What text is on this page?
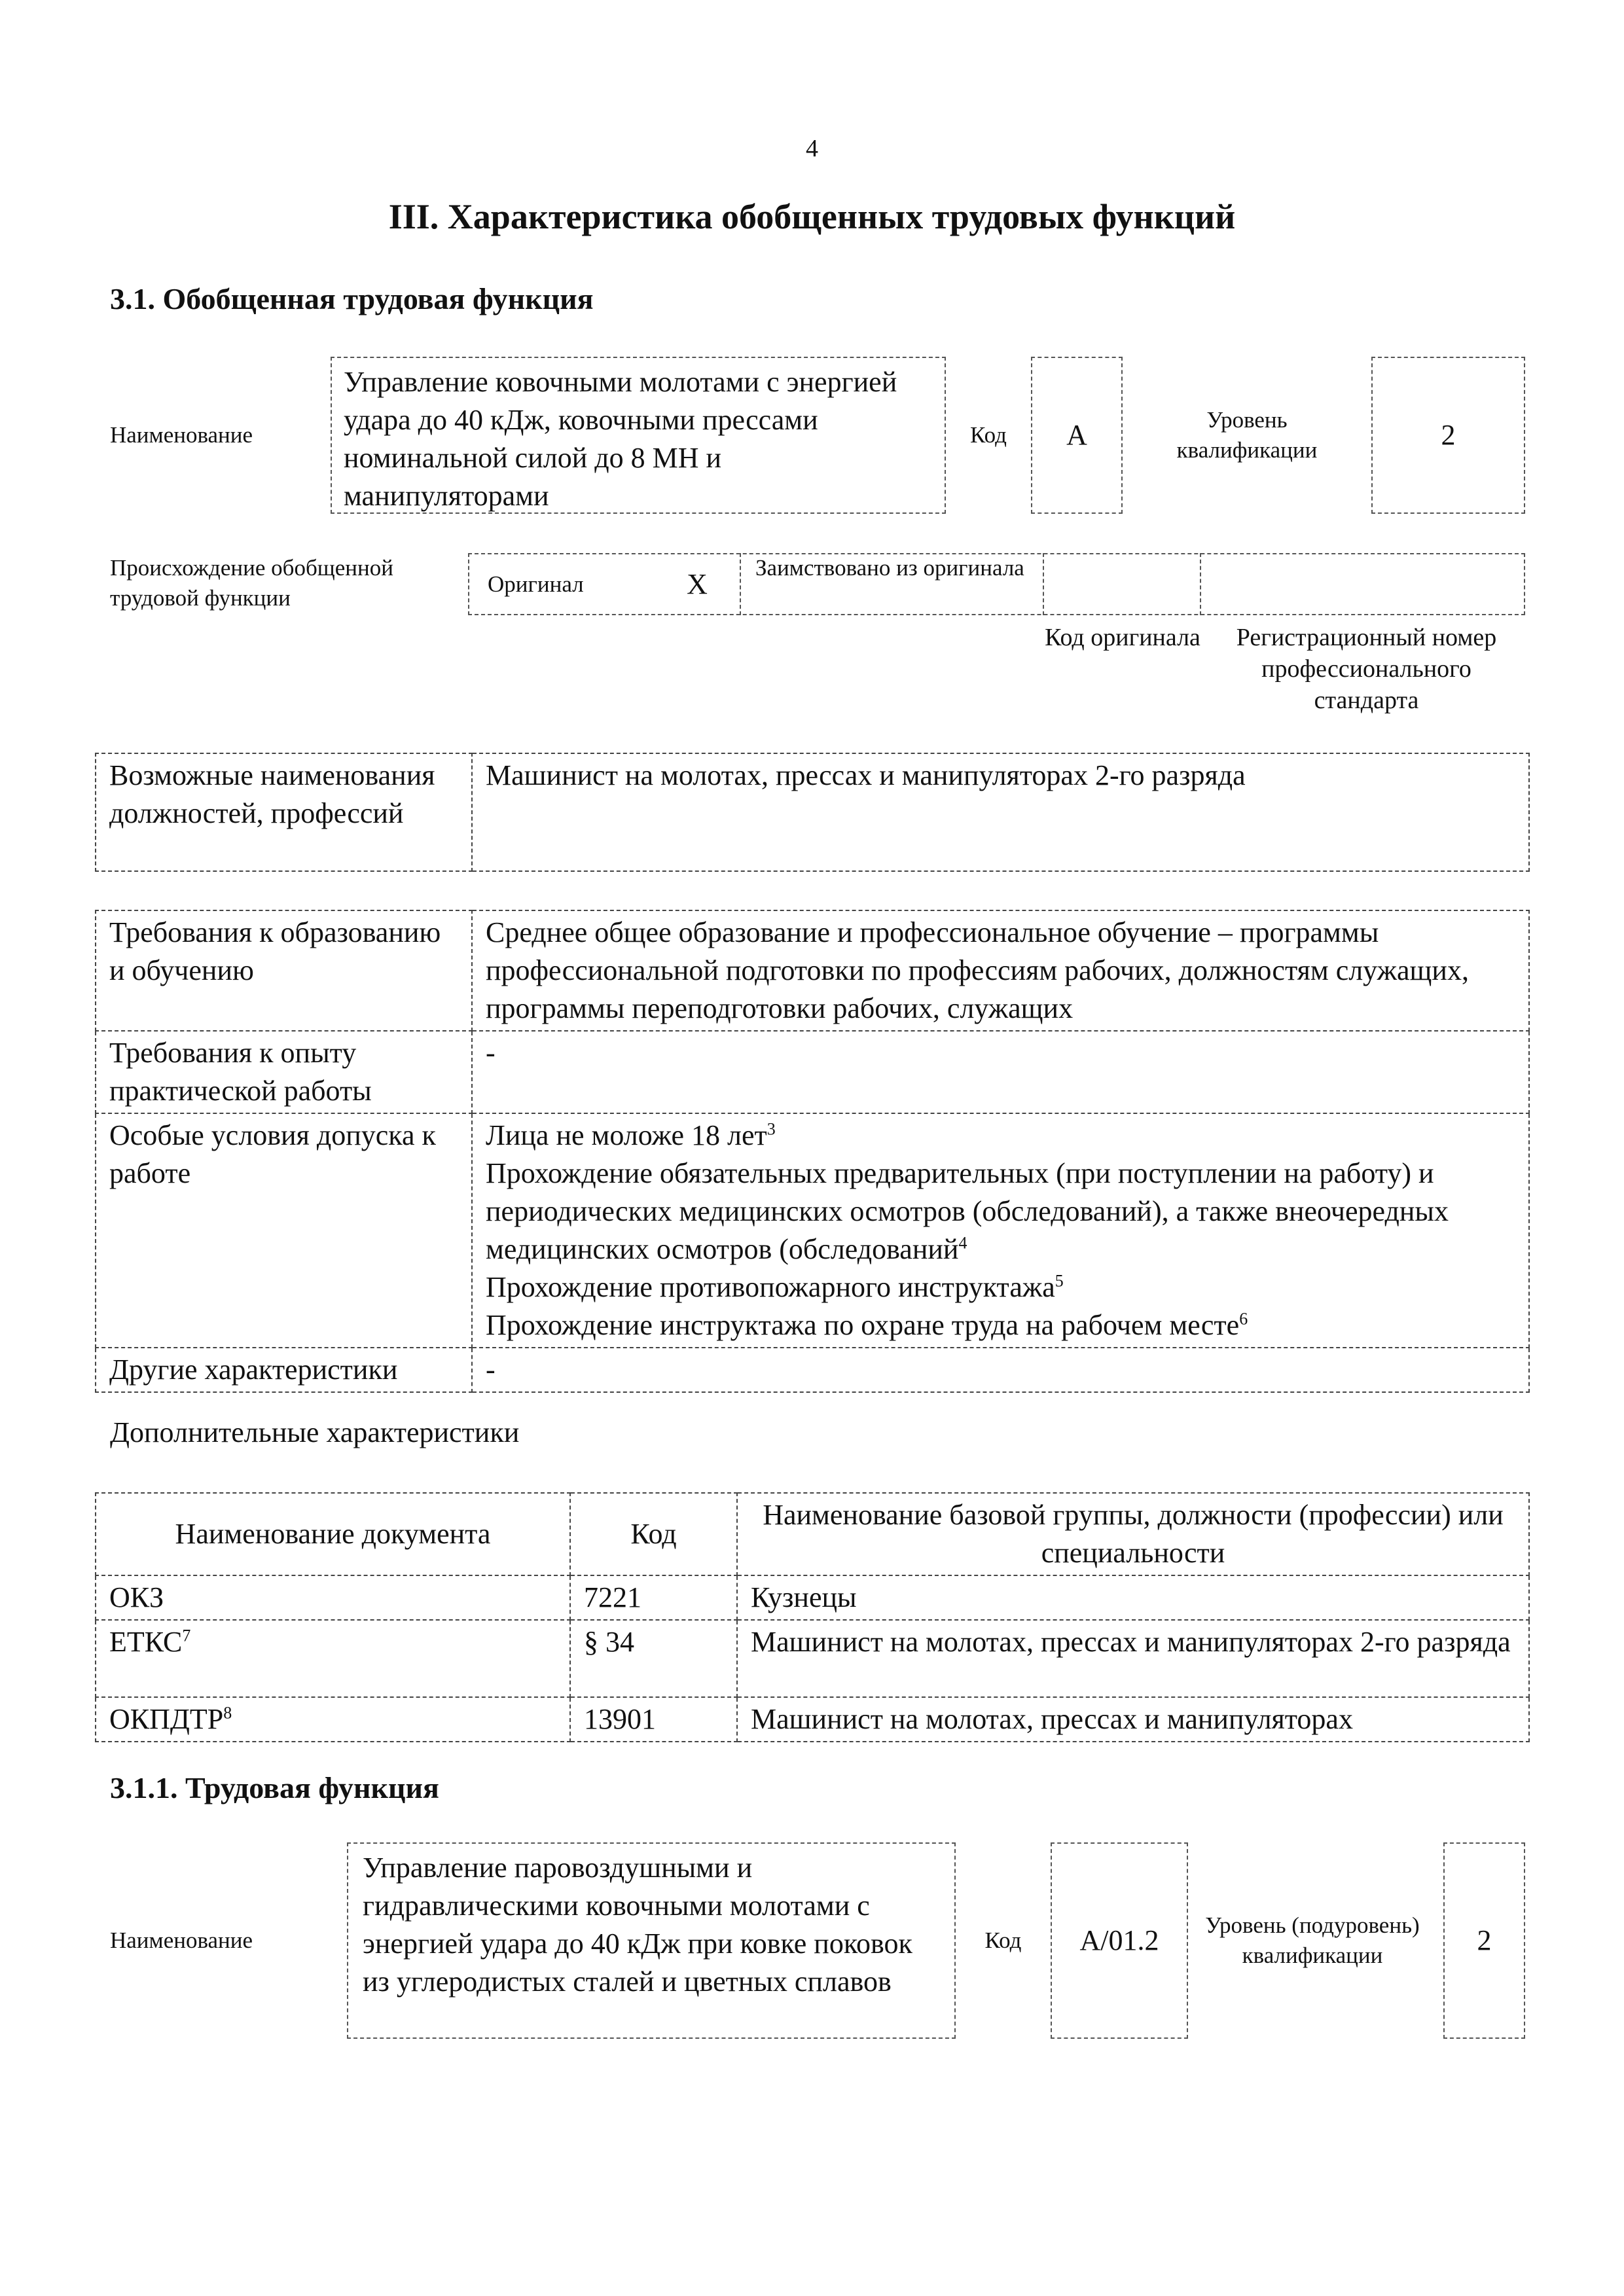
4
III. Характеристика обобщенных трудовых функций
3.1. Обобщенная трудовая функция
Наименование
Управление ковочными молотами с энергией удара до 40 кДж, ковочными прессами номинальной силой до 8 МН и манипуляторами
Код	А	Уровень квалификации	2
Происхождение обобщенной трудовой функции
Оригинал	Х	Заимствовано из оригинала
Код оригинала	Регистрационный номер профессионального стандарта
Возможные наименования должностей, профессий	Машинист на молотах, прессах и манипуляторах 2-го разряда
Требования к образованию и обучению	Среднее общее образование и профессиональное обучение – программы профессиональной подготовки по профессиям рабочих, должностям служащих, программы переподготовки рабочих, служащих
Требования к опыту практической работы	-
Особые условия допуска к работе	Лица не моложе 18 лет$^3$
Прохождение обязательных предварительных (при поступлении на работу) и периодических медицинских осмотров (обследований), а также внеочередных медицинских осмотров (обследований$^4$
Прохождение противопожарного инструктажа$^5$
Прохождение инструктажа по охране труда на рабочем месте$^6$

Другие характеристики	-
Дополнительные характеристики
Наименование документа	Код	Наименование базовой группы, должности (профессии) или специальности
ОКЗ	7221	Кузнецы
ЕТКС$^7$	§ 34	Машинист на молотах, прессах и манипуляторах 2-го разряда
ОКПДТР$^8$	13901	Машинист на молотах, прессах и манипуляторах
3.1.1. Трудовая функция
Наименование
Управление паровоздушными и гидравлическими ковочными молотами с энергией удара до 40 кДж при ковке поковок из углеродистых сталей и цветных сплавов
Код	А/01.2	Уровень (подуровень) квалификации	2
